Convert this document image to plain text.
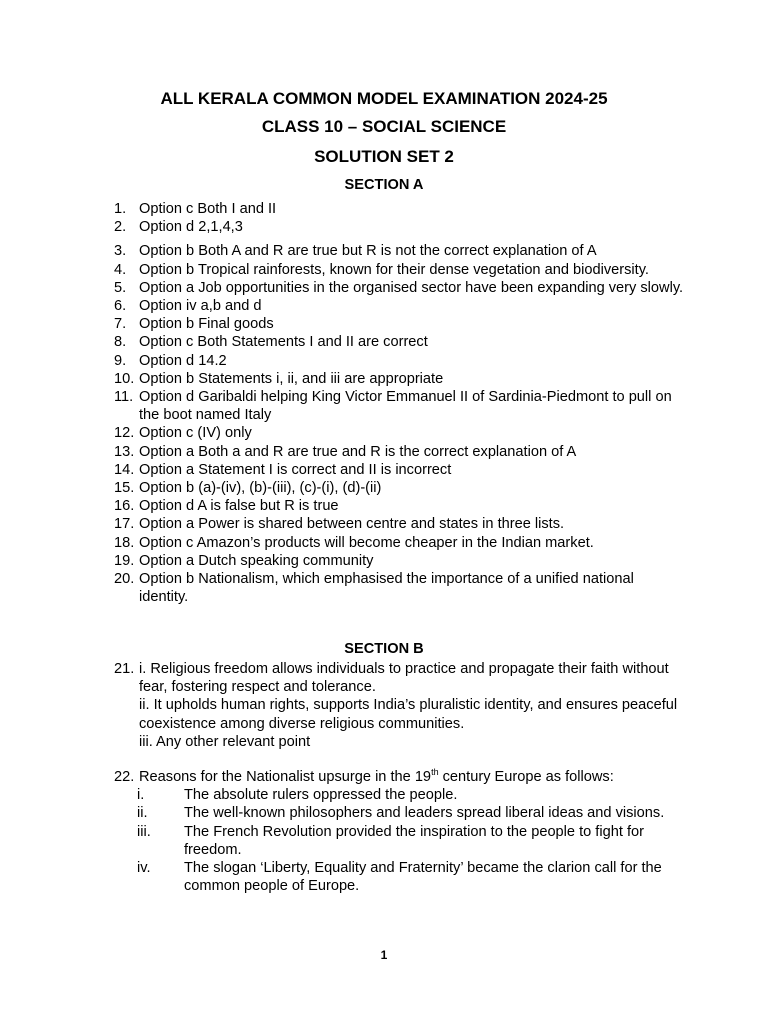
ALL KERALA COMMON MODEL EXAMINATION 2024-25

CLASS 10 – SOCIAL SCIENCE

SOLUTION SET 2

SECTION A

1. Option c Both I and II
2. Option d 2,1,4,3
3. Option b Both A and R are true but R is not the correct explanation of A
4. Option b Tropical rainforests, known for their dense vegetation and biodiversity.
5. Option a Job opportunities in the organised sector have been expanding very slowly.
6. Option iv a,b and d
7. Option b Final goods
8. Option c Both Statements I and II are correct
9. Option d 14.2
10. Option b Statements i, ii, and iii are appropriate
11. Option d Garibaldi helping King Victor Emmanuel II of Sardinia-Piedmont to pull on the boot named Italy
12. Option c (IV) only
13. Option a Both a and R are true and R is the correct explanation of A
14. Option a Statement I is correct and II is incorrect
15. Option b (a)-(iv), (b)-(iii), (c)-(i), (d)-(ii)
16. Option d A is false but R is true
17. Option a Power is shared between centre and states in three lists.
18. Option c Amazon’s products will become cheaper in the Indian market.
19. Option a Dutch speaking community
20. Option b Nationalism, which emphasised the importance of a unified national identity.

SECTION B

21. i. Religious freedom allows individuals to practice and propagate their faith without fear, fostering respect and tolerance.
ii. It upholds human rights, supports India’s pluralistic identity, and ensures peaceful coexistence among diverse religious communities.
iii. Any other relevant point
22. Reasons for the Nationalist upsurge in the 19th century Europe as follows:
i.	The absolute rulers oppressed the people.
ii.	The well-known philosophers and leaders spread liberal ideas and visions.
iii.	The French Revolution provided the inspiration to the people to fight for freedom.
iv.	The slogan ‘Liberty, Equality and Fraternity’ became the clarion call for the common people of Europe.
1
